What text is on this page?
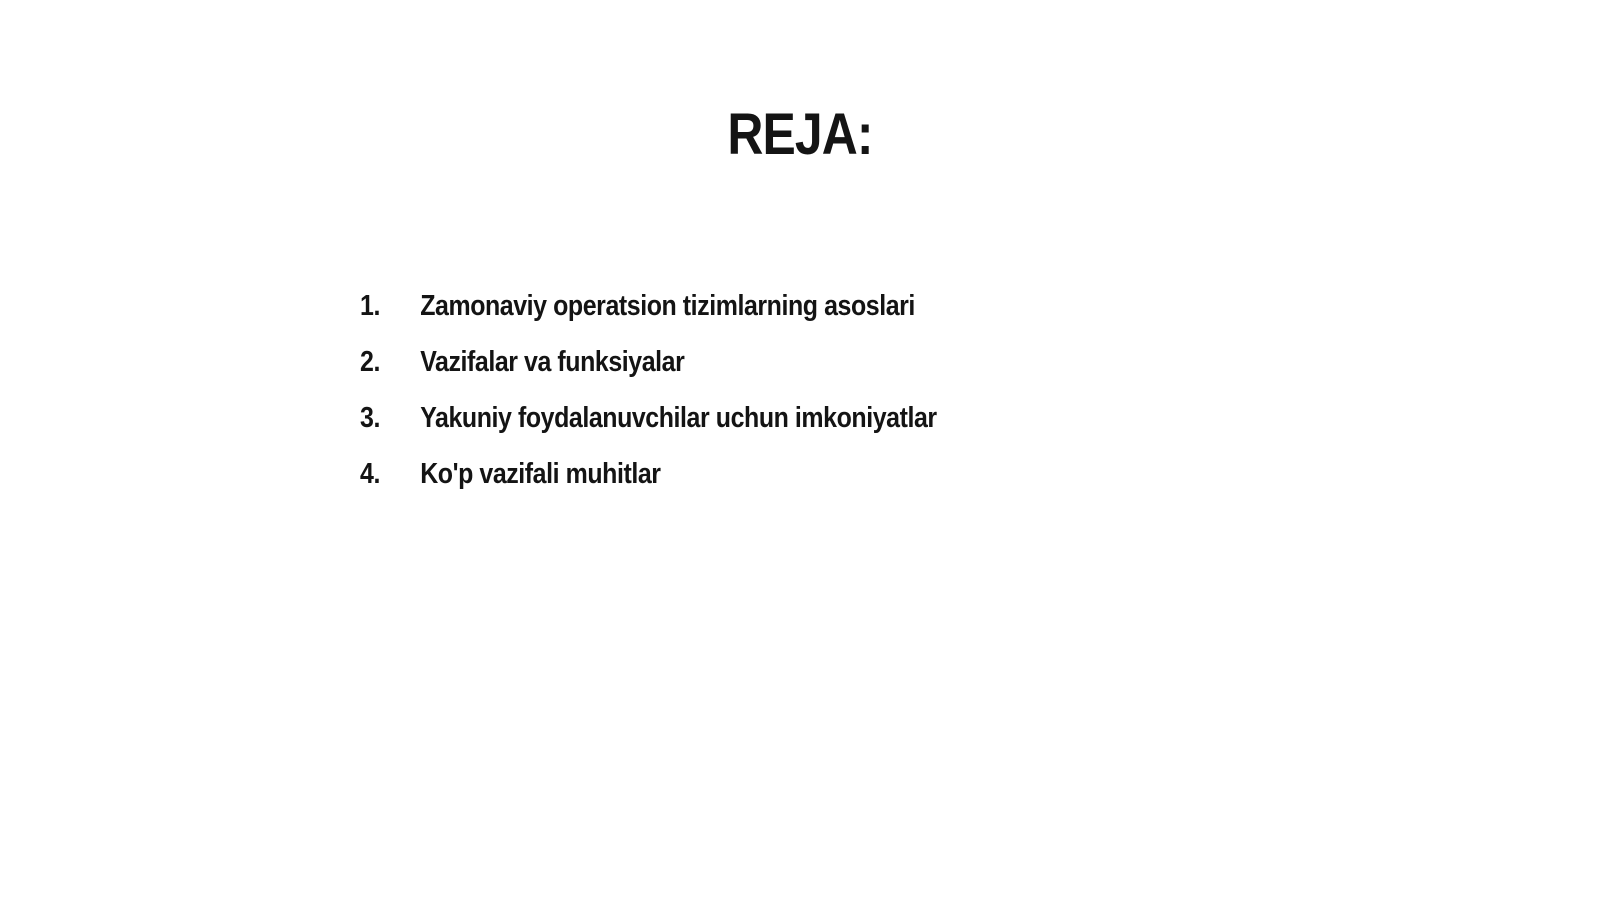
REJA:
1.	Zamonaviy operatsion tizimlarning asoslari
2.	Vazifalar va funksiyalar
3.	Yakuniy foydalanuvchilar uchun imkoniyatlar
4.	Ko'p vazifali muhitlar
